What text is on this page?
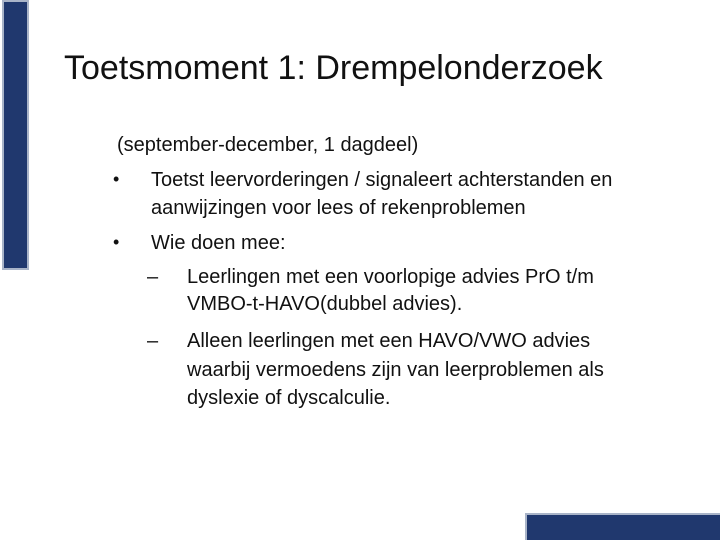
Toetsmoment 1: Drempelonderzoek
(september-december, 1 dagdeel)
• Toetst leervorderingen / signaleert achterstanden en
aanwijzingen voor lees of rekenproblemen
• Wie doen mee:
– Leerlingen met een voorlopige advies PrO t/m
VMBO-t-HAVO(dubbel advies).
– Alleen leerlingen met een HAVO/VWO advies
waarbij vermoedens zijn van leerproblemen als
dyslexie of dyscalculie.
